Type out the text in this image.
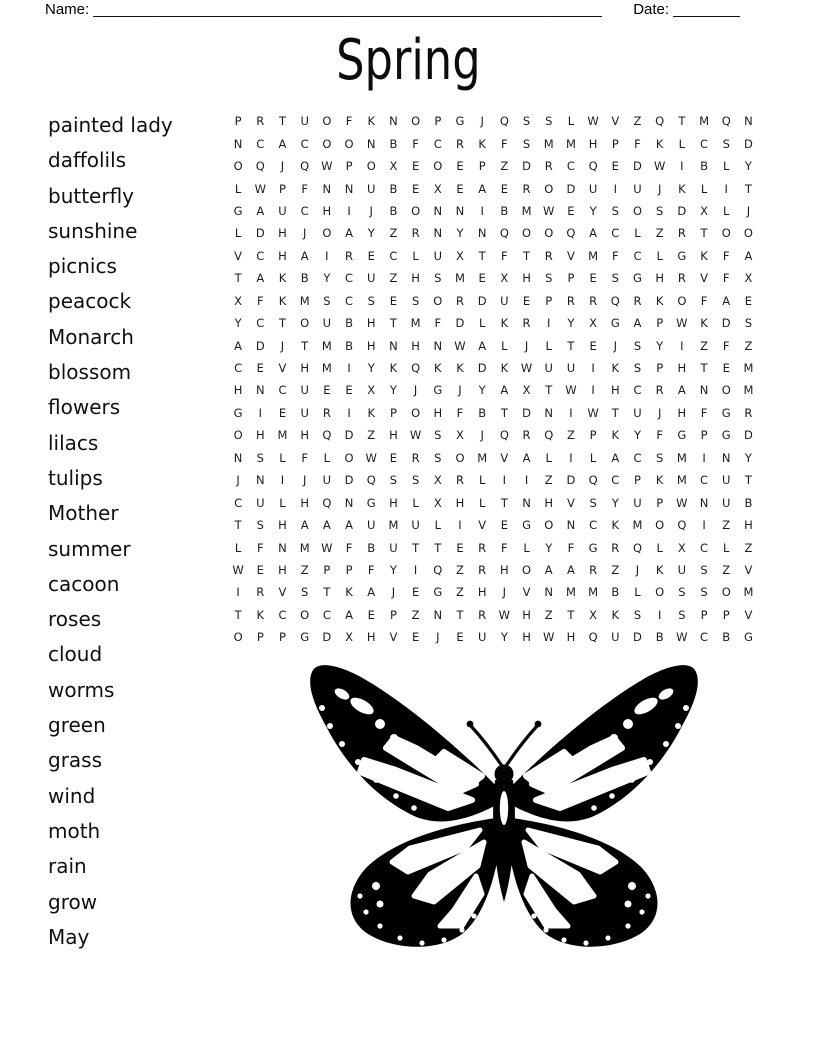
Name: _____________________________________________________________ Date: ________
Spring
painted lady
daffolils
butterfly
sunshine
picnics
peacock
Monarch
blossom
flowers
lilacs
tulips
Mother
summer
cacoon
roses
cloud
worms
green
grass
wind
moth
rain
grow
May
P	R	T	U	O	F	K	N	O	P	G	J	Q	S	S	L	W	V	Z	Q	T	M	Q	N
N	C	A	C	O	O	N	B	F	C	R	K	F	S	M	M	H	P	F	K	L	C	S	D
O	Q	J	Q	W	P	O	X	E	O	E	P	Z	D	R	C	Q	E	D	W	I	B	L	Y
L	W	P	F	N	N	U	B	E	X	E	A	E	R	O	D	U	I	U	J	K	L	I	T
G	A	U	C	H	I	J	B	O	N	N	I	B	M	W	E	Y	S	O	S	D	X	L	J
L	D	H	J	O	A	Y	Z	R	N	Y	N	Q	O	O	Q	A	C	L	Z	R	T	O	O
V	C	H	A	I	R	E	C	L	U	X	T	F	T	R	V	M	F	C	L	G	K	F	A
T	A	K	B	Y	C	U	Z	H	S	M	E	X	H	S	P	E	S	G	H	R	V	F	X
X	F	K	M	S	C	S	E	S	O	R	D	U	E	P	R	R	Q	R	K	O	F	A	E
Y	C	T	O	U	B	H	T	M	F	D	L	K	R	I	Y	X	G	A	P	W	K	D	S
A	D	J	T	M	B	H	N	H	N	W	A	L	J	L	T	E	J	S	Y	I	Z	F	Z
C	E	V	H	M	I	Y	K	Q	K	K	D	K	W	U	U	I	K	S	P	H	T	E	M
H	N	C	U	E	E	X	Y	J	G	J	Y	A	X	T	W	I	H	C	R	A	N	O	M
G	I	E	U	R	I	K	P	O	H	F	B	T	D	N	I	W	T	U	J	H	F	G	R
O	H	M	H	Q	D	Z	H	W	S	X	J	Q	R	Q	Z	P	K	Y	F	G	P	G	D
N	S	L	F	L	O	W	E	R	S	O	M	V	A	L	I	L	A	C	S	M	I	N	Y
J	N	I	J	U	D	Q	S	S	X	R	L	I	I	Z	D	Q	C	P	K	M	C	U	T
C	U	L	H	Q	N	G	H	L	X	H	L	T	N	H	V	S	Y	U	P	W	N	U	B
T	S	H	A	A	A	U	M	U	L	I	V	E	G	O	N	C	K	M	O	Q	I	Z	H
L	F	N	M	W	F	B	U	T	T	E	R	F	L	Y	F	G	R	Q	L	X	C	L	Z
W	E	H	Z	P	P	F	Y	I	Q	Z	R	H	O	A	A	R	Z	J	K	U	S	Z	V
I	R	V	S	T	K	A	J	E	G	Z	H	J	V	N	M	M	B	L	O	S	S	O	M
T	K	C	O	C	A	E	P	Z	N	T	R	W	H	Z	T	X	K	S	I	S	P	P	V
O	P	P	G	D	X	H	V	E	J	E	U	Y	H	W	H	Q	U	D	B	W	C	B	G
